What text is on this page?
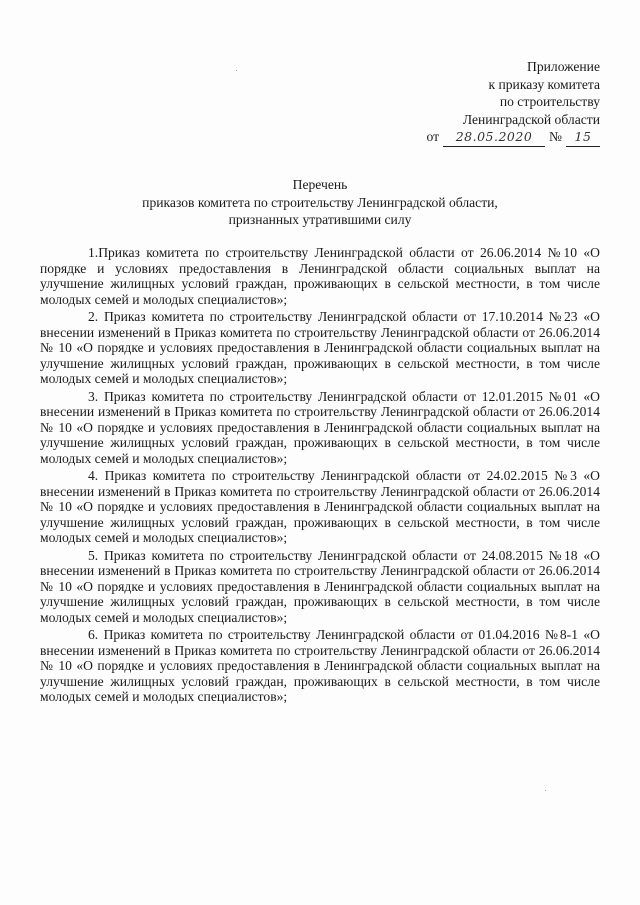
Приложение
к приказу комитета
по строительству
Ленинградской области
от	28.05.2020	№	15
Перечень
приказов комитета по строительству Ленинградской области,
признанных утратившими силу

1.Приказ комитета по строительству Ленинградской области от 26.06.2014 №10 «О порядке и условиях предоставления в Ленинградской области социальных выплат на улучшение жилищных условий граждан, проживающих в сельской местности, в том числе молодых семей и молодых специалистов»;

2. Приказ комитета по строительству Ленинградской области от 17.10.2014 №23 «О внесении изменений в Приказ комитета по строительству Ленинградской области от 26.06.2014 № 10 «О порядке и условиях предоставления в Ленинградской области социальных выплат на улучшение жилищных условий граждан, проживающих в сельской местности, в том числе молодых семей и молодых специалистов»;

3. Приказ комитета по строительству Ленинградской области от 12.01.2015 №01 «О внесении изменений в Приказ комитета по строительству Ленинградской области от 26.06.2014 № 10 «О порядке и условиях предоставления в Ленинградской области социальных выплат на улучшение жилищных условий граждан, проживающих в сельской местности, в том числе молодых семей и молодых специалистов»;

4. Приказ комитета по строительству Ленинградской области от 24.02.2015 №3 «О внесении изменений в Приказ комитета по строительству Ленинградской области от 26.06.2014 № 10 «О порядке и условиях предоставления в Ленинградской области социальных выплат на улучшение жилищных условий граждан, проживающих в сельской местности, в том числе молодых семей и молодых специалистов»;

5. Приказ комитета по строительству Ленинградской области от 24.08.2015 №18 «О внесении изменений в Приказ комитета по строительству Ленинградской области от 26.06.2014 № 10 «О порядке и условиях предоставления в Ленинградской области социальных выплат на улучшение жилищных условий граждан, проживающих в сельской местности, в том числе молодых семей и молодых специалистов»;

6. Приказ комитета по строительству Ленинградской области от 01.04.2016 №8-1 «О внесении изменений в Приказ комитета по строительству Ленинградской области от 26.06.2014 № 10 «О порядке и условиях предоставления в Ленинградской области социальных выплат на улучшение жилищных условий граждан, проживающих в сельской местности, в том числе молодых семей и молодых специалистов»;
